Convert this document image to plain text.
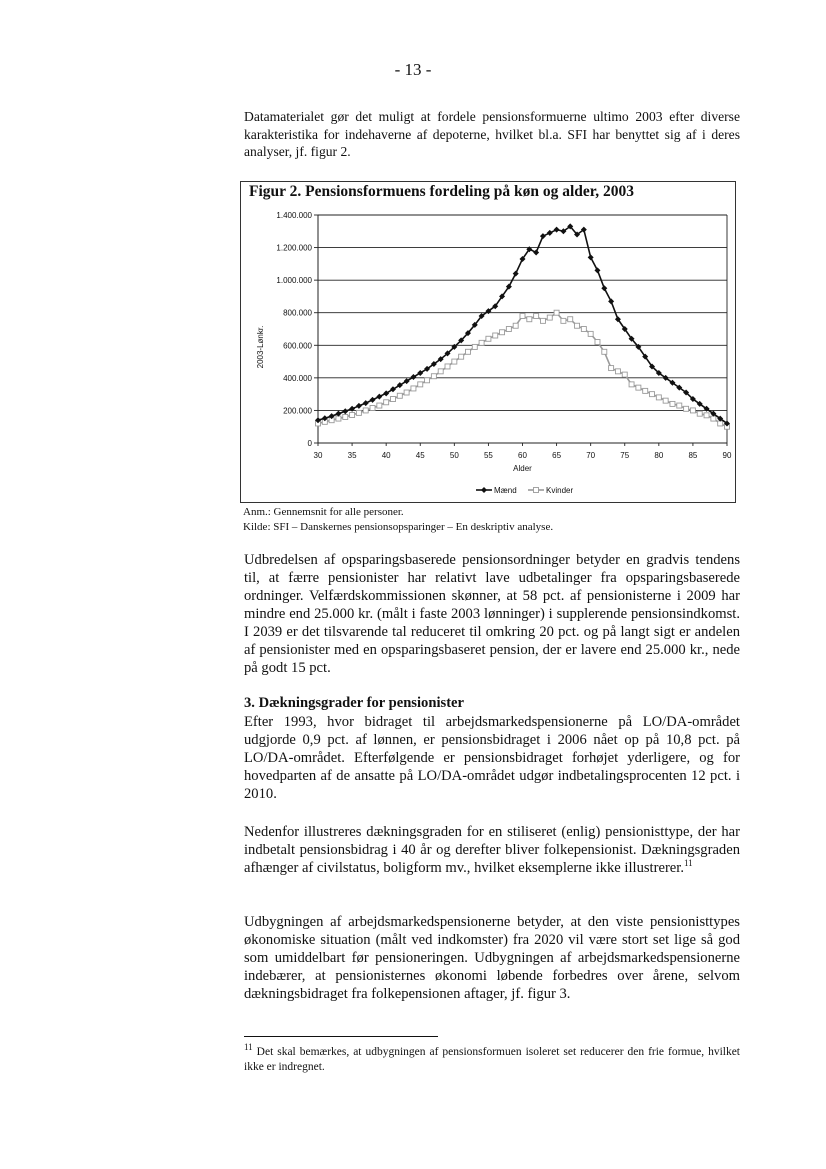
- 13 -

Datamaterialet gør det muligt at fordele pensionsformuerne ultimo 2003 efter diverse karakteristika for indehaverne af depoterne, hvilket bl.a. SFI har benyttet sig af i deres analyser, jf. figur 2.

Figur 2. Pensionsformuens fordeling på køn og alder, 2003
0
200.000
400.000
600.000
800.000
1.000.000
1.200.000
1.400.000
30	35	40	45	50	55	60	65	70	75	80	85	90
Alder
2003-Lønkr.
Mænd	Kvinder
Anm.: Gennemsnit for alle personer.
Kilde: SFI – Danskernes pensionsopsparinger – En deskriptiv analyse.

Udbredelsen af opsparingsbaserede pensionsordninger betyder en gradvis tendens til, at færre pensionister har relativt lave udbetalinger fra opsparingsbaserede ordninger. Velfærdskommissionen skønner, at 58 pct. af pensionisterne i 2009 har mindre end 25.000 kr. (målt i faste 2003 lønninger) i supplerende pensionsindkomst. I 2039 er det tilsvarende tal reduceret til omkring 20 pct. og på langt sigt er andelen af pensionister med en opsparingsbaseret pension, der er lavere end 25.000 kr., nede på godt 15 pct.

3. Dækningsgrader for pensionister

Efter 1993, hvor bidraget til arbejdsmarkedspensionerne på LO/DA-området udgjorde 0,9 pct. af lønnen, er pensionsbidraget i 2006 nået op på 10,8 pct. på LO/DA-området. Efterfølgende er pensionsbidraget forhøjet yderligere, og for hovedparten af de ansatte på LO/DA-området udgør indbetalingsprocenten 12 pct. i 2010.

Nedenfor illustreres dækningsgraden for en stiliseret (enlig) pensionisttype, der har indbetalt pensionsbidrag i 40 år og derefter bliver folkepensionist. Dækningsgraden afhænger af civilstatus, boligform mv., hvilket eksemplerne ikke illustrerer.$^{11}$

Udbygningen af arbejdsmarkedspensionerne betyder, at den viste pensionisttypes økonomiske situation (målt ved indkomster) fra 2020 vil være stort set lige så god som umiddelbart før pensioneringen. Udbygningen af arbejdsmarkedspensionerne indebærer, at pensionisternes økonomi løbende forbedres over årene, selvom dækningsbidraget fra folkepensionen aftager, jf. figur 3.

$^{11}$ Det skal bemærkes, at udbygningen af pensionsformuen isoleret set reducerer den frie formue, hvilket ikke er indregnet.
